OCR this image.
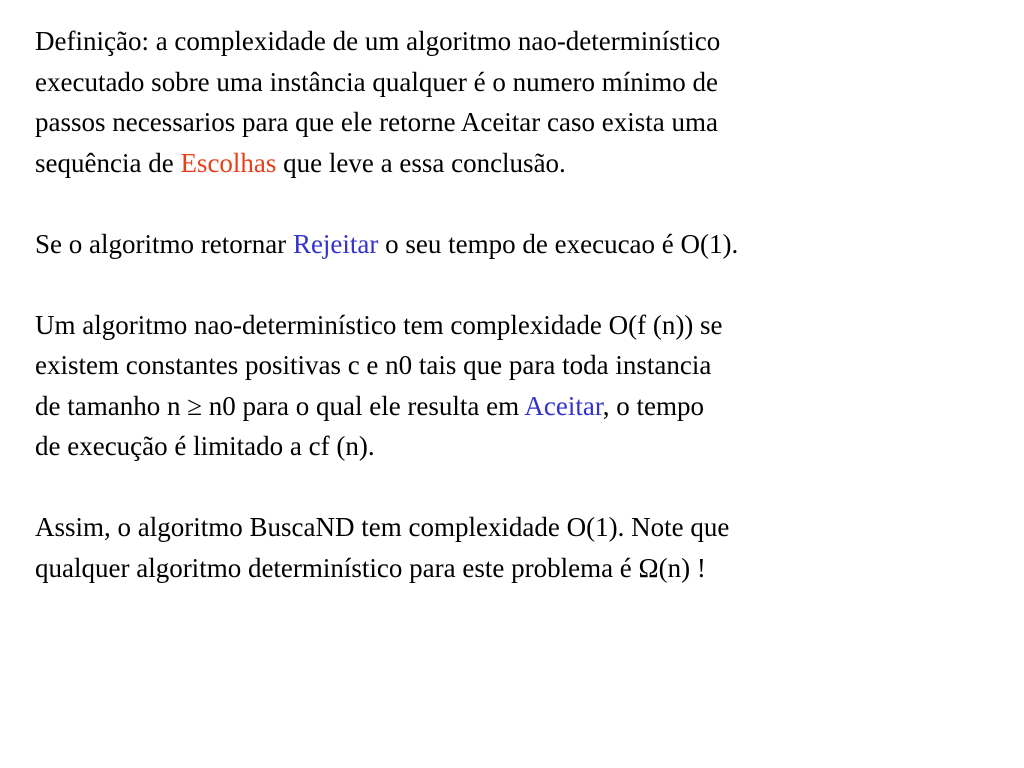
Definição: a complexidade de um algoritmo nao-determinístico
executado sobre uma instância qualquer é o numero mínimo de
passos necessarios para que ele retorne Aceitar caso exista uma
sequência de Escolhas que leve a essa conclusão.

Se o algoritmo retornar Rejeitar o seu tempo de execucao é O(1).

Um algoritmo nao-determinístico tem complexidade O(f (n)) se
existem constantes positivas c e n0 tais que para toda instancia
de tamanho n ≥ n0 para o qual ele resulta em Aceitar, o tempo
de execução é limitado a cf (n).

Assim, o algoritmo BuscaND tem complexidade O(1). Note que
qualquer algoritmo determinístico para este problema é Ω(n) !
